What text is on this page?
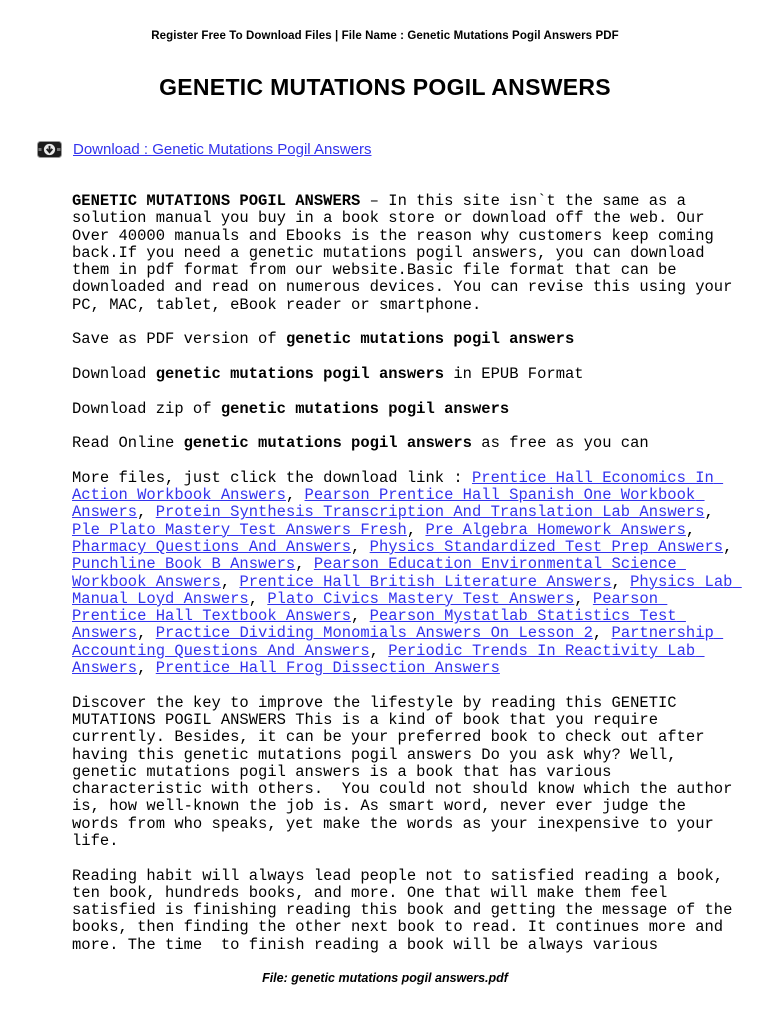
Register Free To Download Files | File Name : Genetic Mutations Pogil Answers PDF
GENETIC MUTATIONS POGIL ANSWERS
Download : Genetic Mutations Pogil Answers

GENETIC MUTATIONS POGIL ANSWERS – In this site isn`t the same as a solution manual you buy in a book store or download off the web. Our Over 40000 manuals and Ebooks is the reason why customers keep coming back.If you need a genetic mutations pogil answers, you can download them in pdf format from our website.Basic file format that can be downloaded and read on numerous devices. You can revise this using your PC, MAC, tablet, eBook reader or smartphone.

Save as PDF version of genetic mutations pogil answers

Download genetic mutations pogil answers in EPUB Format

Download zip of genetic mutations pogil answers

Read Online genetic mutations pogil answers as free as you can

More files, just click the download link : Prentice Hall Economics In Action Workbook Answers, Pearson Prentice Hall Spanish One Workbook Answers, Protein Synthesis Transcription And Translation Lab Answers, Ple Plato Mastery Test Answers Fresh, Pre Algebra Homework Answers, Pharmacy Questions And Answers, Physics Standardized Test Prep Answers, Punchline Book B Answers, Pearson Education Environmental Science Workbook Answers, Prentice Hall British Literature Answers, Physics Lab Manual Loyd Answers, Plato Civics Mastery Test Answers, Pearson Prentice Hall Textbook Answers, Pearson Mystatlab Statistics Test Answers, Practice Dividing Monomials Answers On Lesson 2, Partnership Accounting Questions And Answers, Periodic Trends In Reactivity Lab Answers, Prentice Hall Frog Dissection Answers

Discover the key to improve the lifestyle by reading this GENETIC MUTATIONS POGIL ANSWERS This is a kind of book that you require currently. Besides, it can be your preferred book to check out after having this genetic mutations pogil answers Do you ask why? Well, genetic mutations pogil answers is a book that has various characteristic with others.  You could not should know which the author is, how well-known the job is. As smart word, never ever judge the words from who speaks, yet make the words as your inexpensive to your life.

Reading habit will always lead people not to satisfied reading a book, ten book, hundreds books, and more. One that will make them feel satisfied is finishing reading this book and getting the message of the books, then finding the other next book to read. It continues more and more. The time  to finish reading a book will be always various

File: genetic mutations pogil answers.pdf
